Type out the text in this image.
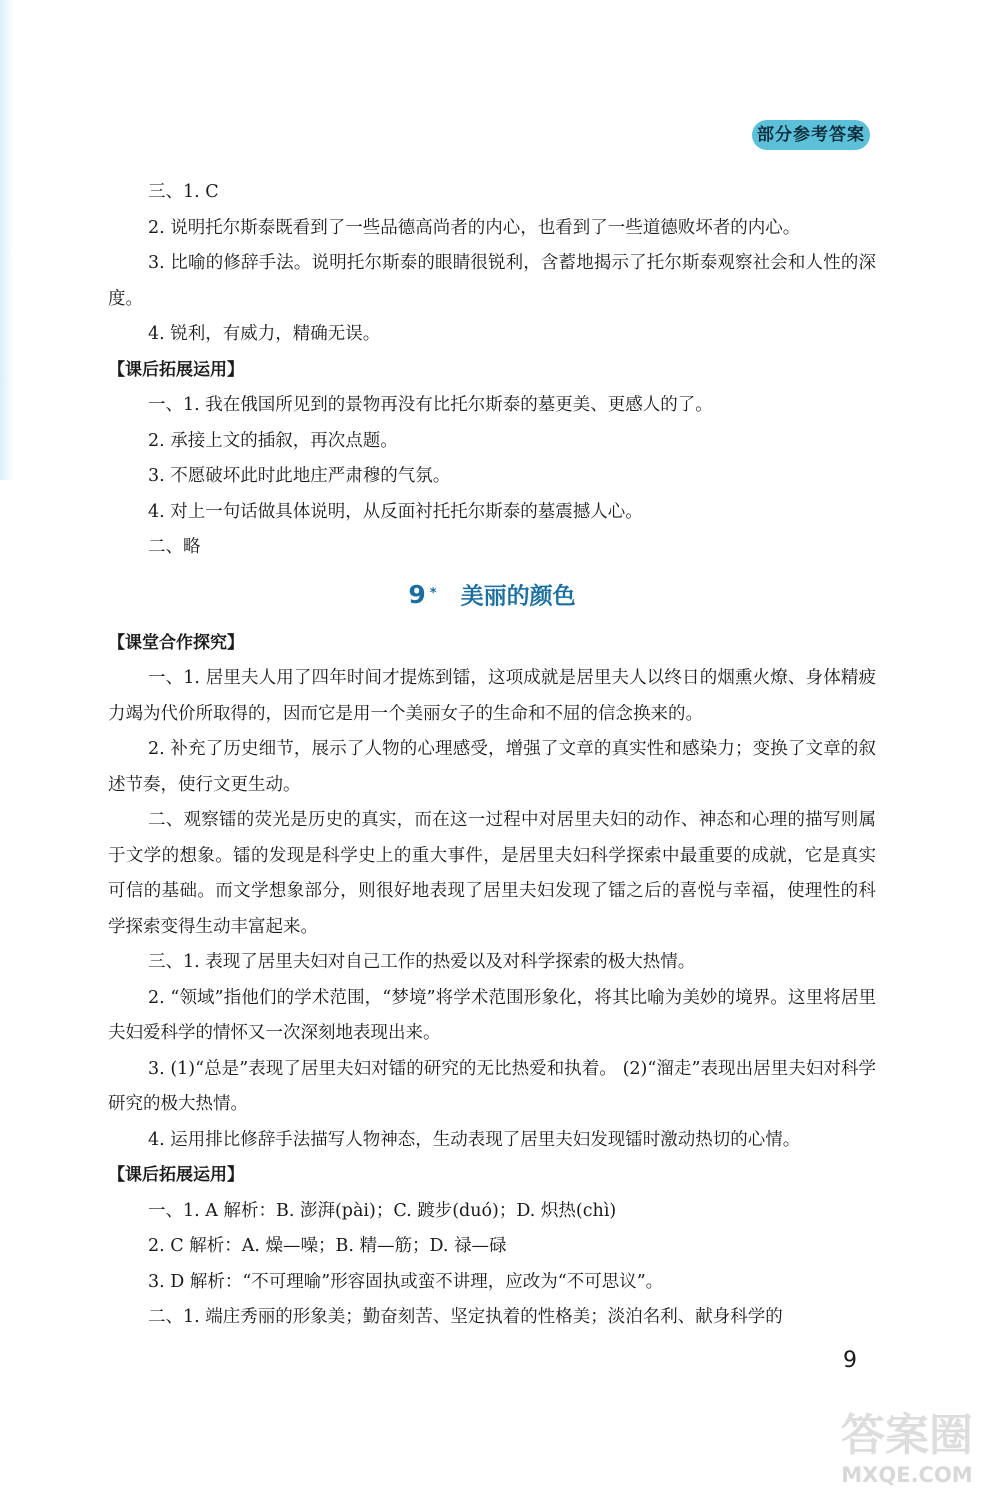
部分参考答案

三、1. C

2. 说明托尔斯泰既看到了一些品德高尚者的内心，也看到了一些道德败坏者的内心。

3. 比喻的修辞手法。说明托尔斯泰的眼睛很锐利，含蓄地揭示了托尔斯泰观察社会和人性的深度。

4. 锐利，有威力，精确无误。

【课后拓展运用】

一、1. 我在俄国所见到的景物再没有比托尔斯泰的墓更美、更感人的了。

2. 承接上文的插叙，再次点题。

3. 不愿破坏此时此地庄严肃穆的气氛。

4. 对上一句话做具体说明，从反面衬托托尔斯泰的墓震撼人心。

二、略

9 * 美丽的颜色

【课堂合作探究】

一、1. 居里夫人用了四年时间才提炼到镭，这项成就是居里夫人以终日的烟熏火燎、身体精疲力竭为代价所取得的，因而它是用一个美丽女子的生命和不屈的信念换来的。

2. 补充了历史细节，展示了人物的心理感受，增强了文章的真实性和感染力；变换了文章的叙述节奏，使行文更生动。

二、观察镭的荧光是历史的真实，而在这一过程中对居里夫妇的动作、神态和心理的描写则属于文学的想象。镭的发现是科学史上的重大事件，是居里夫妇科学探索中最重要的成就，它是真实可信的基础。而文学想象部分，则很好地表现了居里夫妇发现了镭之后的喜悦与幸福，使理性的科学探索变得生动丰富起来。

三、1. 表现了居里夫妇对自己工作的热爱以及对科学探索的极大热情。

2. “领域”指他们的学术范围，“梦境”将学术范围形象化，将其比喻为美妙的境界。这里将居里夫妇爱科学的情怀又一次深刻地表现出来。

3. (1)“总是”表现了居里夫妇对镭的研究的无比热爱和执着。 (2)“溜走”表现出居里夫妇对科学研究的极大热情。

4. 运用排比修辞手法描写人物神态，生动表现了居里夫妇发现镭时激动热切的心情。

【课后拓展运用】

一、1. A 解析：B. 澎湃(pài)；C. 踱步(duó)；D. 炽热(chì)

2. C 解析：A. 燥—噪；B. 精—筋；D. 禄—碌

3. D 解析：“不可理喻”形容固执或蛮不讲理，应改为“不可思议”。

二、1. 端庄秀丽的形象美；勤奋刻苦、坚定执着的性格美；淡泊名利、献身科学的

9
答案圈
MXQE.COM
